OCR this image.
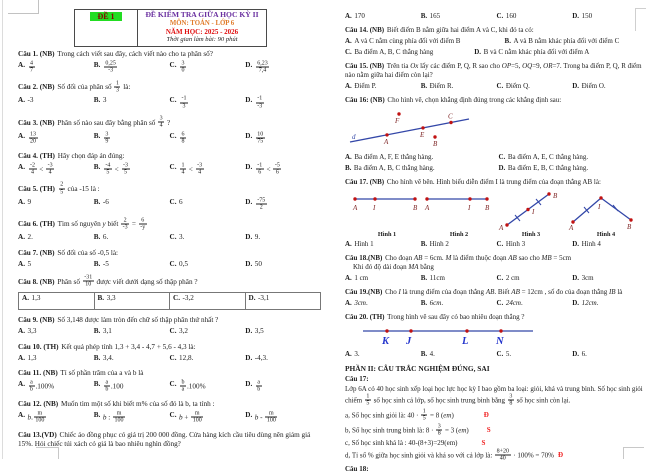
ĐỀ 1	ĐỀ KIỂM TRA GIỮA HỌC KỲ II
MÔN: TOÁN - LỚP 6
NĂM HỌC: 2025 - 2026
Thời gian làm bài: 90 phút
Câu 1. (NB) Trong cách viết sau đây, cách viết nào cho ta phân số?
A. $\frac{4}{7}$	B. $\frac{0,25}{-3}$	C. $\frac{3}{0}$	D. $\frac{6,23}{7,4}$
Câu 2. (NB) Số đối của phân số $\frac{1}{3}$ là:
A. -3	B. 3	C. $\frac{-1}{3}$	D. $\frac{-1}{-3}$
Câu 3. (NB) Phân số nào sau đây bằng phân số $\frac{3}{4}$ ?
A. $\frac{13}{20}$	B. $\frac{3}{9}$	C. $\frac{6}{8}$	D. $\frac{10}{75}$
Câu 4. (TH) Hãy chọn đáp án đúng:
A. $\frac{-2}{4} < \frac{-3}{4}$	B. $\frac{-4}{5} < \frac{-3}{5}$	C. $\frac{1}{4} < \frac{-3}{4}$	D. $\frac{-1}{6} < \frac{-5}{6}$
Câu 5. $(TH) \frac{2}{5}$ của -15 là :
A. 9	B. -6	C. 6	D. $\frac{-75}{2}$
Câu 6. (TH) Tìm số nguyên y biết $\frac{2}{-3} = \frac{6}{-y}$
A. 2.	B. 6.	C. 3.	D. 9.
Câu 7. (NB) Số đối của số -0,5 là:
A. 5	B. -5	C. 0,5	D. 50
Câu 8. (NB) Phân số $\frac{-31}{10}$ được viết dưới dạng số thập phân ?
A. 1,3	B. 3,3	C. -3,2	D. -3,1
Câu 9. (NB) Số 3,148 được làm tròn đến chữ số thập phân thứ nhất ?
A. 3,3	B. 3,1	C. 3,2	D. 3,5
Câu 10. (TH) Kết quả phép tính 1,3 + 3,4 - 4,7 + 5,6 - 4,3 là:
A. 1,3	B. 3,4.	C. 12,8.	D. -4,3.
Câu 11. (NB) Tỉ số phần trăm của a và b là
A. $\frac{a}{b} .100\%$	B. $\frac{a}{b} .100$	C. $\frac{b}{a} .100\%$	D. $\frac{a}{b}$
Câu 12. (NB) Muốn tìm một số khi biết m% của số đó là b, ta tính :
A. b. $\frac{m}{100}$	B. b : $\frac{m}{100}$	C. $b + \frac{m}{100}$	D. b - $\frac{m}{100}$
Câu 13.(VD) Chiếc áo đồng phục có giá trị 200 000 đồng. Cửa hàng kích cầu tiêu dùng nên giảm giá 15%. Hỏi chiếc túi xách có giá là bao nhiêu nghìn đồng?
A. 170	B. 165	C. 160	D. 150
Câu 14. (NB) Biết điểm B nằm giữa hai điểm A và C, khi đó ta có:
A. A và C nằm cùng phía đối với điểm B	B. A và B nằm khác phía đối với điểm C
C. Ba điểm A, B, C thẳng hàng	D. B và C nằm khác phía đối với điểm A
Câu 15. (NB) Trên tia Ox lấy các điểm P, Q, R sao cho OP=5, OQ=9, OR=7. Trong ba điểm P, Q, R điểm nào nằm giữa hai điểm còn lại?
A. Điểm P.	B. Điểm R.	C. Điểm Q.	D. Điểm O.
Câu 16: (NB) Cho hình vẽ, chọn khẳng định đúng trong các khẳng định sau:
d
A
E
C
F
B
A. Ba điểm A, F, E thẳng hàng.	C. Ba điểm A, E, C thẳng hàng.
B. Ba điểm A, B, C thẳng hàng.	D. Ba điểm E, B, C thẳng hàng.
Câu 17. (NB) Cho hình vẽ bên. Hình biểu diễn điểm I là trung điểm của đoạn thẳng AB là:
A I	B
Hình 1
A	I B
Hình 2
A
I
B
Hình 3
A
I
B
Hình 4
A. Hình 1	B. Hình 2	C. Hình 3	D. Hình 4
Câu 18.(NB) Cho đoạn AB = 6cm. M là điểm thuộc đoạn AB sao cho MB = 5cm
Khi đó độ dài đoạn MA bằng
A. 1 cm	B. 11cm	C. 2 cm	D. 3cm
Câu 19.(NB) Cho I là trung điểm của đoạn thẳng AB. Biết AB = 12cm , số đo của đoạn thẳng IB là
A. 3cm.	B. 6cm.	C. 24cm.	D. 12cm.
Câu 20. (TH) Trong hình vẽ sau đây có bao nhiêu đoạn thẳng ?
K J	L	N
A. 3.	B. 4.	C. 5.	D. 6.
PHẦN II: CÂU TRẮC NGHIỆM ĐÚNG, SAI
Câu 17:
Lớp 6A có 40 học sinh xếp loại học lực học kỳ I bao gồm ba loại: giỏi, khá và trung bình. Số học sinh giỏi chiếm $\frac{1}{5}$ số học sinh cả lớp, số học sinh trung bình bằng $\frac{3}{8}$ số học sinh còn lại.
a, Số học sinh giỏi là: $40 \cdot \frac{1}{5} = 8$ (em)	Đ
b, Số học sinh trung bình là: $8 \cdot \frac{3}{8} = 3$ (em)	S
c, Số học sinh khá là : 40-(8+3)=29(em)	S
d, Tỉ số % giữa học sinh giỏi và khá so với cả lớp là: $\frac{8+20}{40} \cdot 100\% = 70\%$ Đ
Câu 18:
